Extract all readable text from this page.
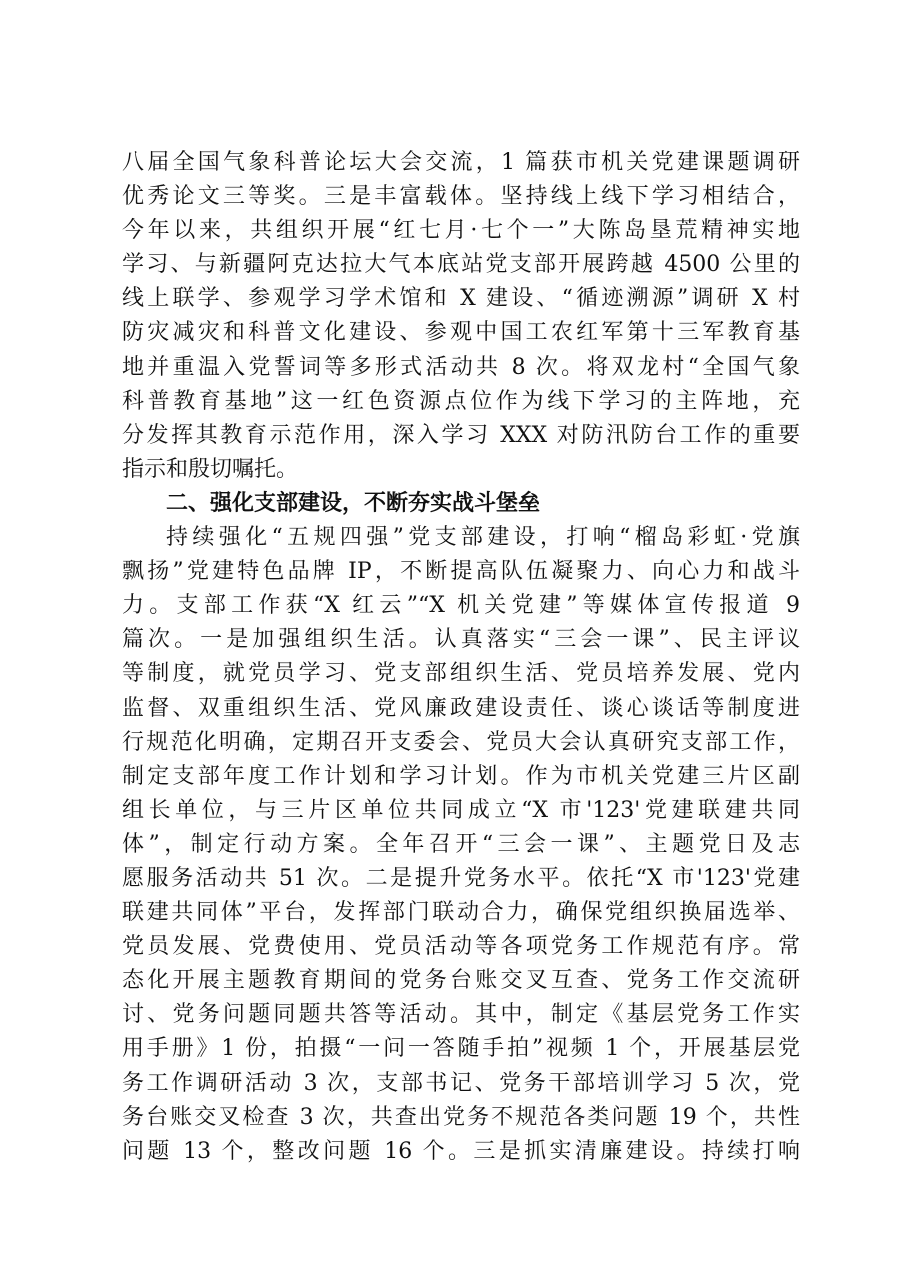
八届全国气象科普论坛大会交流，1 篇获市机关党建课题调研
优秀论文三等奖。三是丰富载体。坚持线上线下学习相结合，
今年以来，共组织开展“红七月·七个一”大陈岛垦荒精神实地
学习、与新疆阿克达拉大气本底站党支部开展跨越 4500 公里的
线上联学、参观学习学术馆和 X 建设、“循迹溯源”调研 X 村
防灾减灾和科普文化建设、参观中国工农红军第十三军教育基
地并重温入党誓词等多形式活动共 8 次。将双龙村“全国气象
科普教育基地”这一红色资源点位作为线下学习的主阵地，充
分发挥其教育示范作用，深入学习 XXX 对防汛防台工作的重要
指示和殷切嘱托。
二、强化支部建设，不断夯实战斗堡垒
持续强化“五规四强”党支部建设，打响“榴岛彩虹·党旗
飘扬”党建特色品牌 IP，不断提高队伍凝聚力、向心力和战斗
力。支部工作获“X 红云”“X 机关党建”等媒体宣传报道 9
篇次。一是加强组织生活。认真落实“三会一课”、民主评议
等制度，就党员学习、党支部组织生活、党员培养发展、党内
监督、双重组织生活、党风廉政建设责任、谈心谈话等制度进
行规范化明确，定期召开支委会、党员大会认真研究支部工作，
制定支部年度工作计划和学习计划。作为市机关党建三片区副
组长单位，与三片区单位共同成立“X 市'123'党建联建共同
体”，制定行动方案。全年召开“三会一课”、主题党日及志
愿服务活动共 51 次。二是提升党务水平。依托“X 市'123'党建
联建共同体”平台，发挥部门联动合力，确保党组织换届选举、
党员发展、党费使用、党员活动等各项党务工作规范有序。常
态化开展主题教育期间的党务台账交叉互查、党务工作交流研
讨、党务问题同题共答等活动。其中，制定《基层党务工作实
用手册》1 份，拍摄“一问一答随手拍”视频 1 个，开展基层党
务工作调研活动 3 次，支部书记、党务干部培训学习 5 次，党
务台账交叉检查 3 次，共查出党务不规范各类问题 19 个，共性
问题 13 个，整改问题 16 个。三是抓实清廉建设。持续打响
